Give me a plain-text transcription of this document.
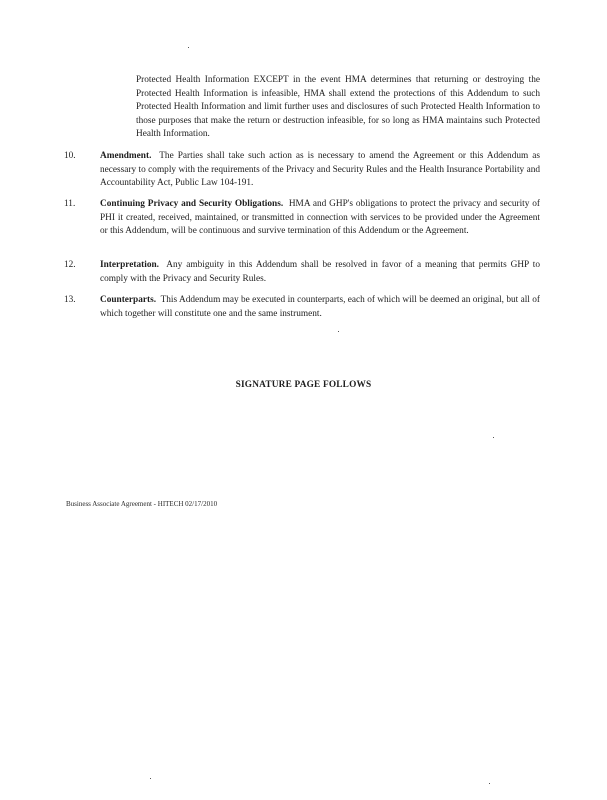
Protected Health Information EXCEPT in the event HMA determines that returning or destroying the Protected Health Information is infeasible, HMA shall extend the protections of this Addendum to such Protected Health Information and limit further uses and disclosures of such Protected Health Information to those purposes that make the return or destruction infeasible, for so long as HMA maintains such Protected Health Information.

10.	Amendment. The Parties shall take such action as is necessary to amend the Agreement or this Addendum as necessary to comply with the requirements of the Privacy and Security Rules and the Health Insurance Portability and Accountability Act, Public Law 104-191.
11.	Continuing Privacy and Security Obligations. HMA and GHP's obligations to protect the privacy and security of PHI it created, received, maintained, or transmitted in connection with services to be provided under the Agreement or this Addendum, will be continuous and survive termination of this Addendum or the Agreement.
12.	Interpretation. Any ambiguity in this Addendum shall be resolved in favor of a meaning that permits GHP to comply with the Privacy and Security Rules.
13.	Counterparts. This Addendum may be executed in counterparts, each of which will be deemed an original, but all of which together will constitute one and the same instrument.
SIGNATURE PAGE FOLLOWS
Business Associate Agreement - HITECH 02/17/2010
